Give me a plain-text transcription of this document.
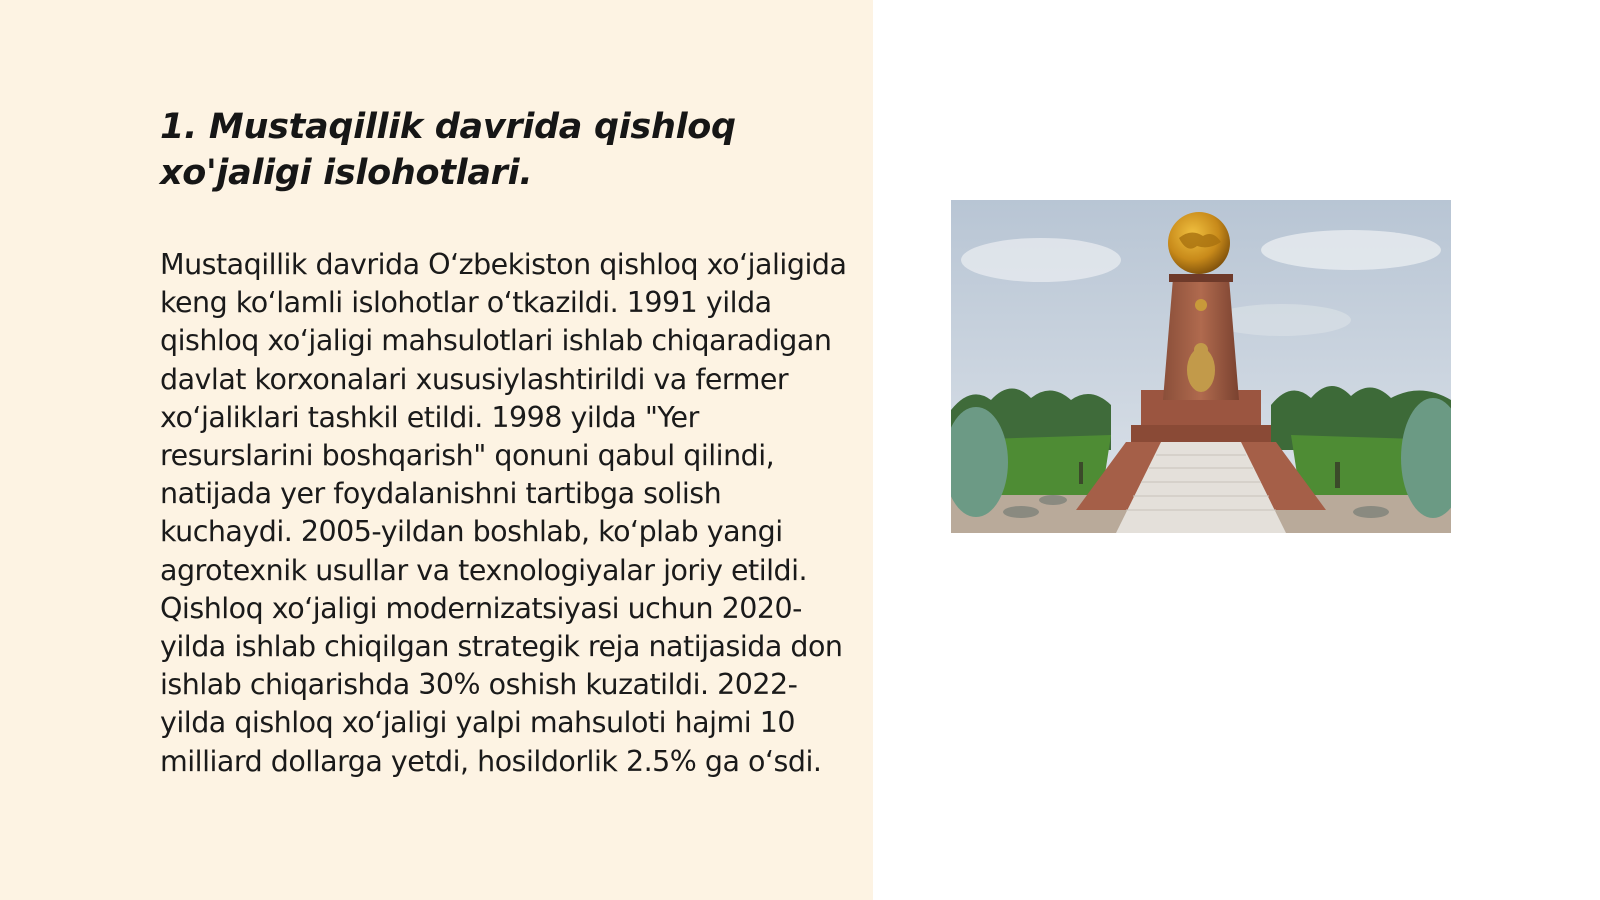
1. Mustaqillik davrida qishloq xo'jaligi islohotlari.

Mustaqillik davrida O‘zbekiston qishloq xo‘jaligida keng ko‘lamli islohotlar o‘tkazildi. 1991 yilda qishloq xo‘jaligi mahsulotlari ishlab chiqaradigan davlat korxonalari xususiylashtirildi va fermer xo‘jaliklari tashkil etildi. 1998 yilda "Yer resurslarini boshqarish" qonuni qabul qilindi, natijada yer foydalanishni tartibga solish kuchaydi. 2005-yildan boshlab, ko‘plab yangi agrotexnik usullar va texnologiyalar joriy etildi. Qishloq xo‘jaligi modernizatsiyasi uchun 2020-yilda ishlab chiqilgan strategik reja natijasida don ishlab chiqarishda 30% oshish kuzatildi. 2022-yilda qishloq xo‘jaligi yalpi mahsuloti hajmi 10 milliard dollarga yetdi, hosildorlik 2.5% ga o‘sdi.
